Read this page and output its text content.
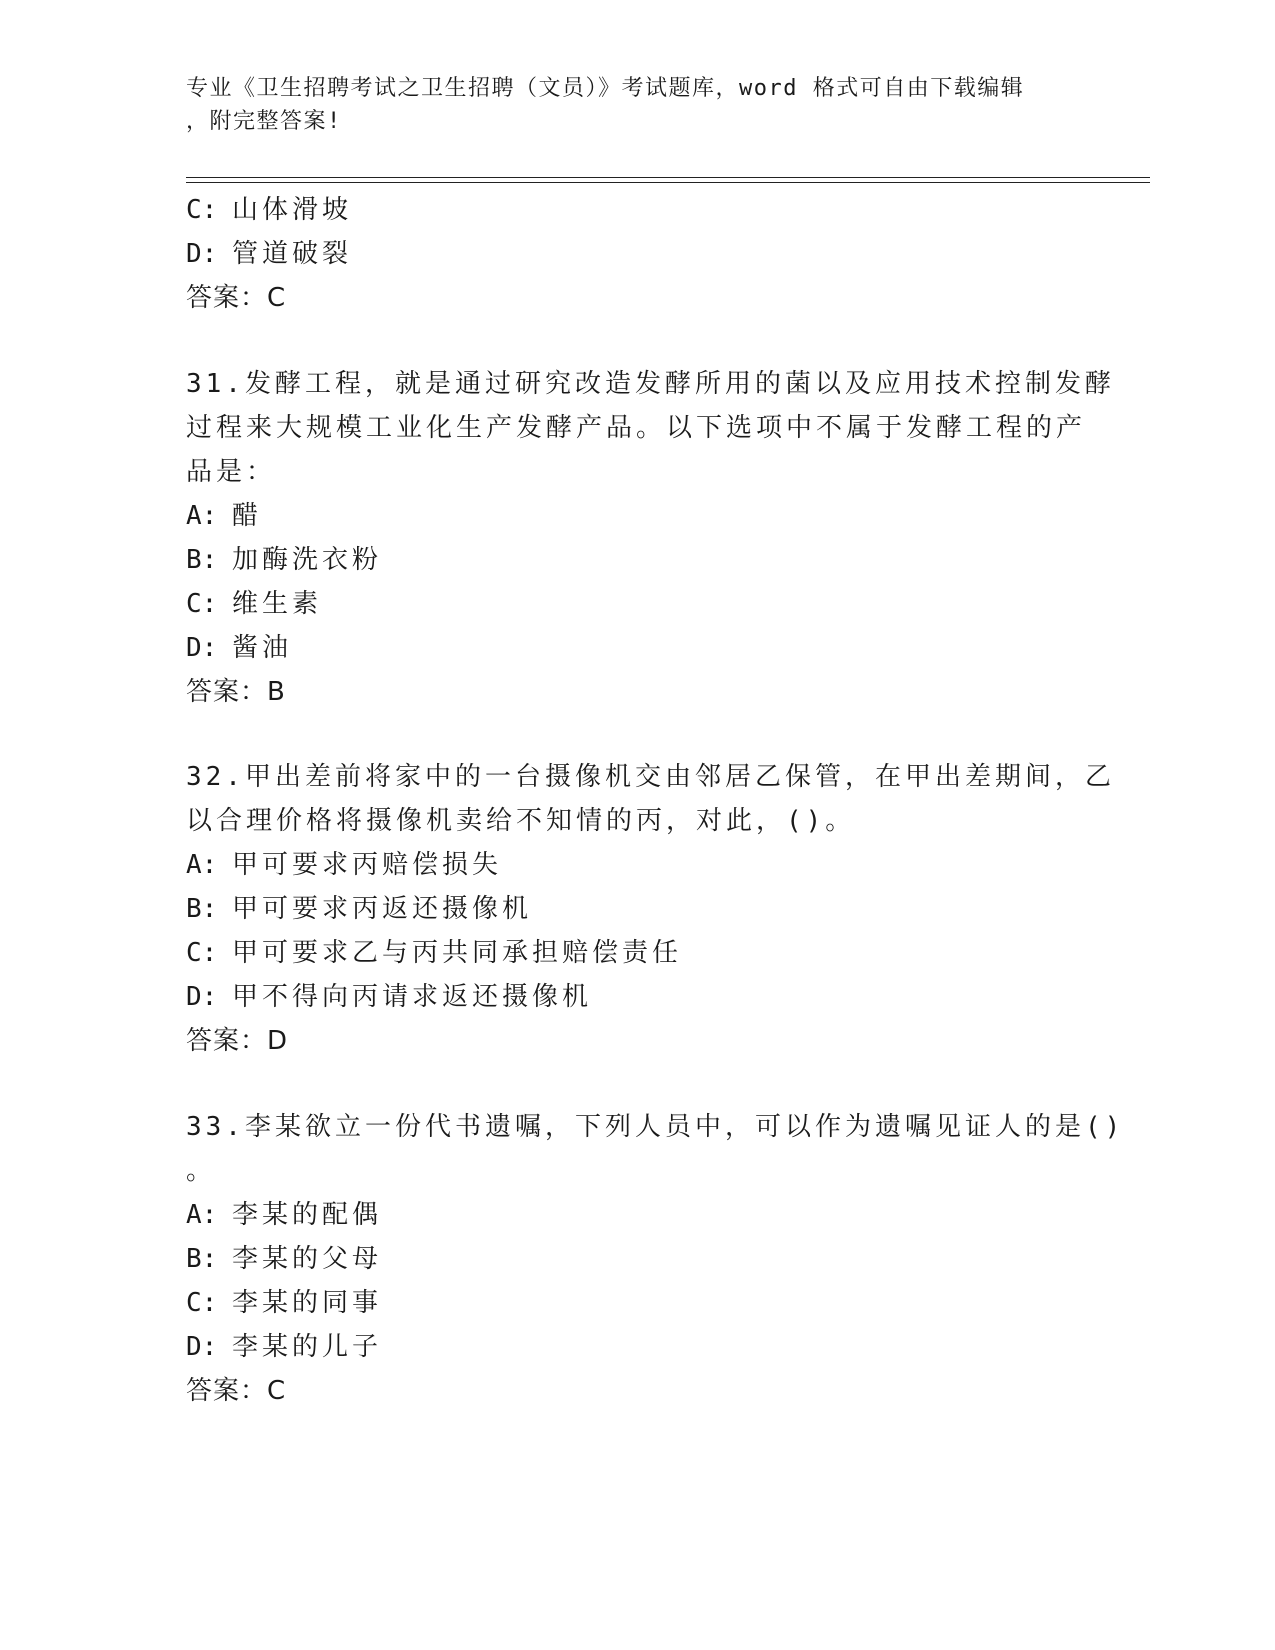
专业《卫生招聘考试之卫生招聘（文员）》考试题库，word 格式可自由下载编辑
，附完整答案!
C: 山体滑坡
D: 管道破裂
答案：C
31.发酵工程，就是通过研究改造发酵所用的菌以及应用技术控制发酵
过程来大规模工业化生产发酵产品。以下选项中不属于发酵工程的产
品是：
A: 醋
B: 加酶洗衣粉
C: 维生素
D: 酱油
答案：B
32.甲出差前将家中的一台摄像机交由邻居乙保管，在甲出差期间，乙
以合理价格将摄像机卖给不知情的丙，对此，()。
A: 甲可要求丙赔偿损失
B: 甲可要求丙返还摄像机
C: 甲可要求乙与丙共同承担赔偿责任
D: 甲不得向丙请求返还摄像机
答案：D
33.李某欲立一份代书遗嘱，下列人员中，可以作为遗嘱见证人的是()
。
A: 李某的配偶
B: 李某的父母
C: 李某的同事
D: 李某的儿子
答案：C
